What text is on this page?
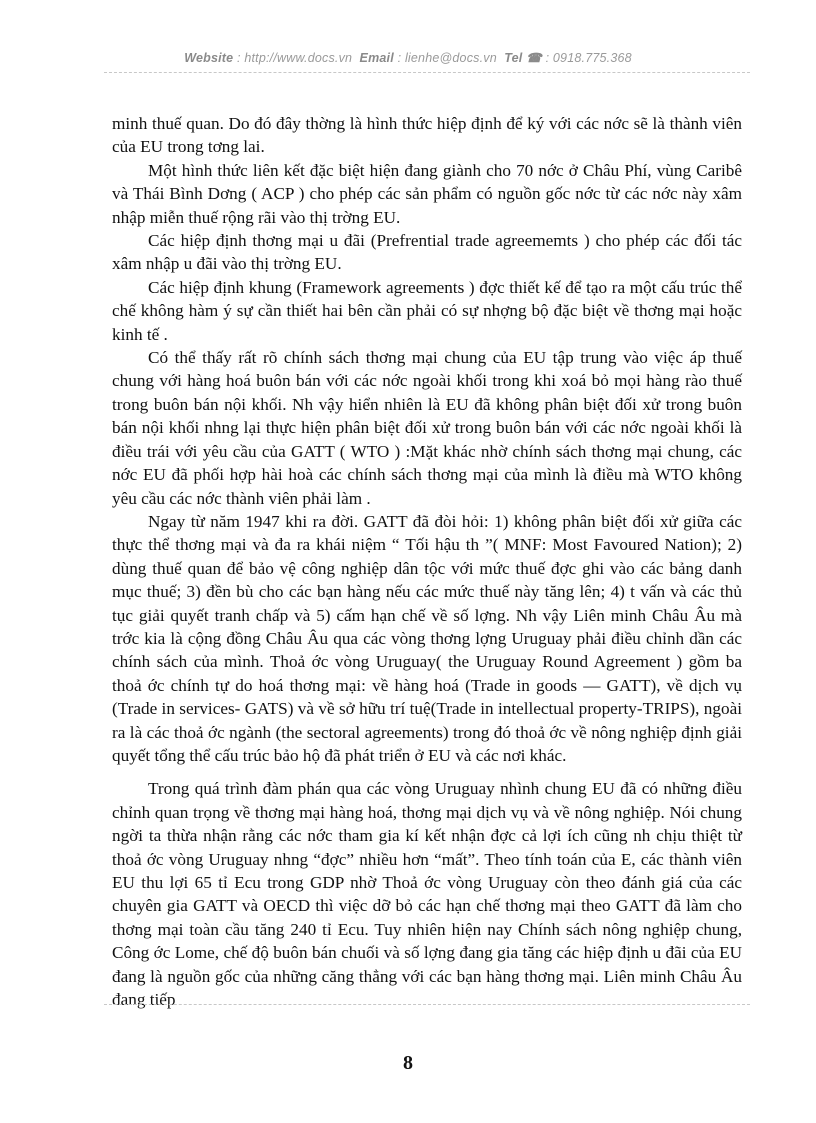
Website : http://www.docs.vn Email : lienhe@docs.vn Tel ☎ : 0918.775.368

minh thuế quan. Do đó đây thờng là hình thức hiệp định để ký với các nớc sẽ là thành viên của EU trong tơng lai.

Một hình thức liên kết đặc biệt hiện đang giành cho 70 nớc ở Châu Phí, vùng Caribê và Thái Bình Dơng ( ACP ) cho phép các sản phẩm có nguồn gốc nớc từ các nớc này xâm nhập miễn thuế rộng rãi vào thị trờng EU.

Các hiệp định thơng mại u đãi (Prefrential trade agreememts ) cho phép các đối tác xâm nhập u đãi vào thị trờng EU.

Các hiệp định khung (Framework agreements ) đợc thiết kế để tạo ra một cấu trúc thể chế không hàm ý sự cần thiết hai bên cần phải có sự nhợng bộ đặc biệt về thơng mại hoặc kinh tế .

Có thể thấy rất rõ chính sách thơng mại chung của EU tập trung vào việc áp thuế chung với hàng hoá buôn bán với các nớc ngoài khối trong khi xoá bỏ mọi hàng rào thuế trong buôn bán nội khối. Nh vậy hiển nhiên là EU đã không phân biệt đối xử trong buôn bán nội khối nhng lại thực hiện phân biệt đối xử trong buôn bán với các nớc ngoài khối là điều trái với yêu cầu của GATT ( WTO ) :Mặt khác nhờ chính sách thơng mại chung, các nớc EU đã phối hợp hài hoà các chính sách thơng mại của mình là điều mà WTO không yêu cầu các nớc thành viên phải làm .

Ngay từ năm 1947 khi ra đời. GATT đã đòi hỏi: 1) không phân biệt đối xử giữa các thực thể thơng mại và đa ra khái niệm “ Tối hậu th ”( MNF: Most Favoured Nation); 2) dùng thuế quan để bảo vệ công nghiệp dân tộc với mức thuế đợc ghi vào các bảng danh mục thuế; 3) đền bù cho các bạn hàng nếu các mức thuế này tăng lên; 4) t vấn và các thủ tục giải quyết tranh chấp và 5) cấm hạn chế về số lợng. Nh vậy Liên minh Châu Âu mà trớc kia là cộng đồng Châu Âu qua các vòng thơng lợng Uruguay phải điều chỉnh dần các chính sách của mình. Thoả ớc vòng Uruguay( the Uruguay Round Agreement ) gồm ba thoả ớc chính tự do hoá thơng mại: về hàng hoá (Trade in goods — GATT), về dịch vụ (Trade in services- GATS) và về sở hữu trí tuệ(Trade in intellectual property-TRIPS), ngoài ra là các thoả ớc ngành (the sectoral agreements) trong đó thoả ớc về nông nghiệp định giải quyết tổng thể cấu trúc bảo hộ đã phát triển ở EU và các nơi khác.

Trong quá trình đàm phán qua các vòng Uruguay nhình chung EU đã có những điều chỉnh quan trọng về thơng mại hàng hoá, thơng mại dịch vụ và về nông nghiệp. Nói chung ngời ta thừa nhận rằng các nớc tham gia kí kết nhận đợc cả lợi ích cũng nh chịu thiệt từ thoả ớc vòng Uruguay nhng “đợc” nhiều hơn “mất”. Theo tính toán của E, các thành viên EU thu lợi 65 tỉ Ecu trong GDP nhờ Thoả ớc vòng Uruguay còn theo đánh giá của các chuyên gia GATT và OECD thì việc dỡ bỏ các hạn chế thơng mại theo GATT đã làm cho thơng mại toàn cầu tăng 240 tỉ Ecu. Tuy nhiên hiện nay Chính sách nông nghiệp chung, Công ớc Lome, chế độ buôn bán chuối và số lợng đang gia tăng các hiệp định u đãi của EU đang là nguồn gốc của những căng thẳng với các bạn hàng thơng mại. Liên minh Châu Âu đang tiếp

8
